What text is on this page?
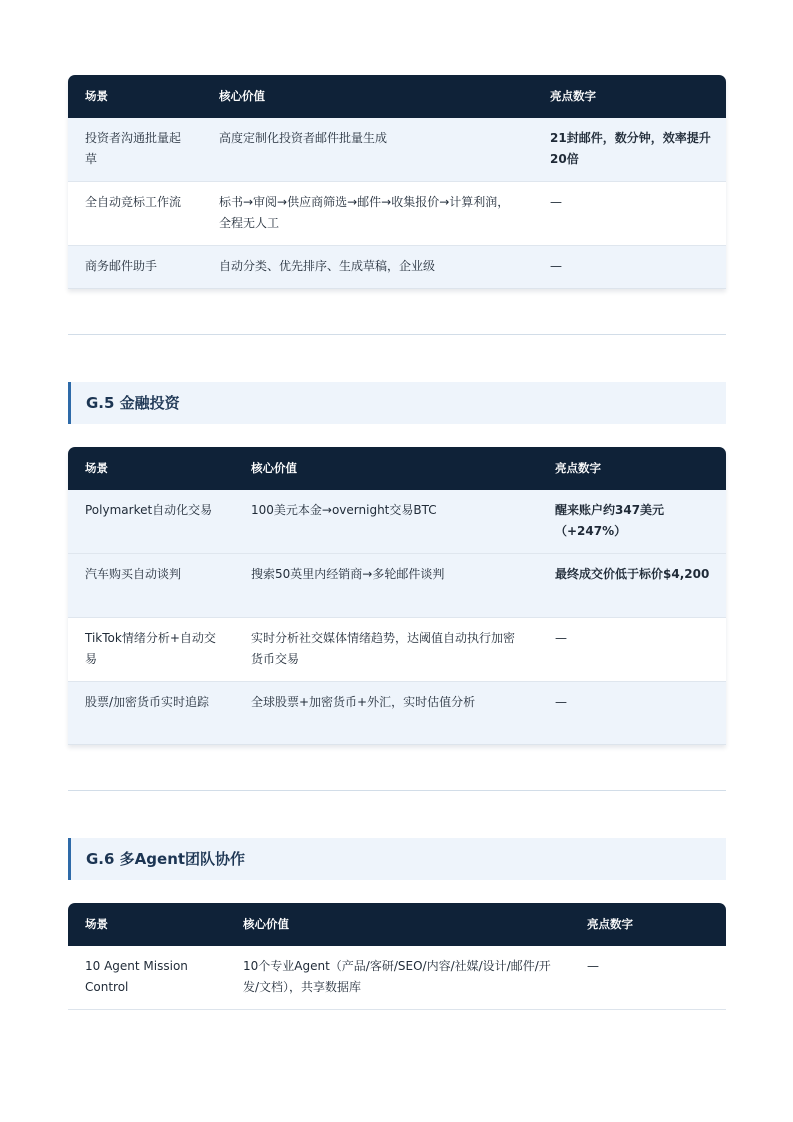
场景	核心价值	亮点数字
投资者沟通批量起草	高度定制化投资者邮件批量生成	21封邮件，数分钟，效率提升20倍
全自动竞标工作流	标书→审阅→供应商筛选→邮件→收集报价→计算利润，全程无人工	—
商务邮件助手	自动分类、优先排序、生成草稿，企业级	—
G.5 金融投资
场景	核心价值	亮点数字
Polymarket自动化交易	100美元本金→overnight交易BTC	醒来账户约347美元（+247%）
汽车购买自动谈判	搜索50英里内经销商→多轮邮件谈判	最终成交价低于标价$4,200
TikTok情绪分析+自动交易	实时分析社交媒体情绪趋势，达阈值自动执行加密货币交易	—
股票/加密货币实时追踪	全球股票+加密货币+外汇，实时估值分析	—
G.6 多Agent团队协作
场景	核心价值	亮点数字
10 Agent Mission Control	10个专业Agent（产品/客研/SEO/内容/社媒/设计/邮件/开发/文档），共享数据库	—
